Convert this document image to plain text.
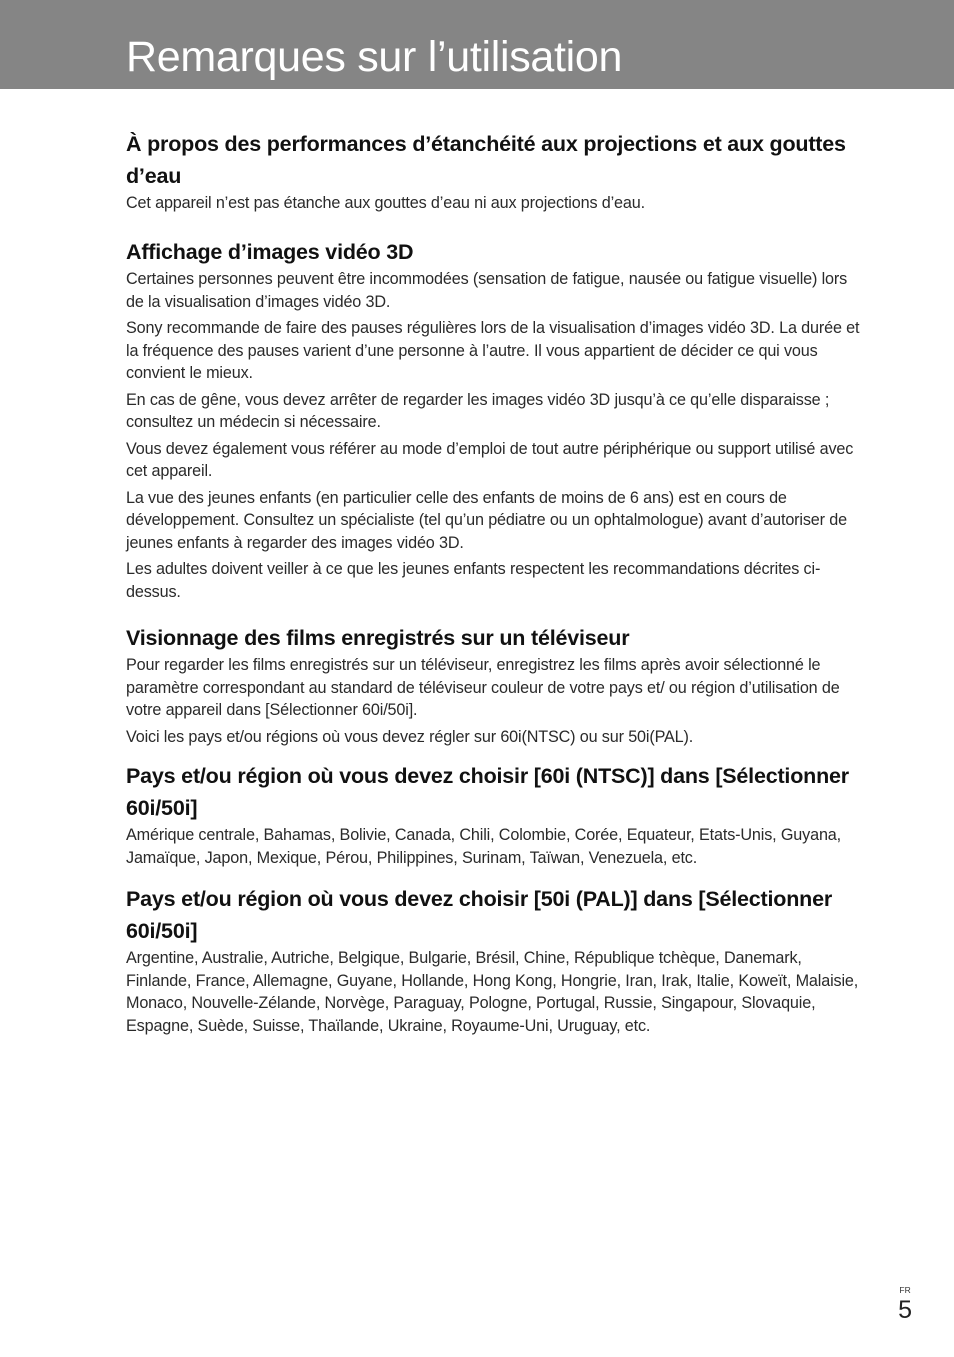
Remarques sur l’utilisation
À propos des performances d’étanchéité aux projections et aux gouttes d’eau

Cet appareil n’est pas étanche aux gouttes d’eau ni aux projections d’eau.

Affichage d’images vidéo 3D

Certaines personnes peuvent être incommodées (sensation de fatigue, nausée ou fatigue visuelle) lors de la visualisation d’images vidéo 3D.

Sony recommande de faire des pauses régulières lors de la visualisation d’images vidéo 3D. La durée et la fréquence des pauses varient d’une personne à l’autre. Il vous appartient de décider ce qui vous convient le mieux.

En cas de gêne, vous devez arrêter de regarder les images vidéo 3D jusqu’à ce qu’elle disparaisse ; consultez un médecin si nécessaire.

Vous devez également vous référer au mode d’emploi de tout autre périphérique ou support utilisé avec cet appareil.

La vue des jeunes enfants (en particulier celle des enfants de moins de 6 ans) est en cours de développement. Consultez un spécialiste (tel qu’un pédiatre ou un ophtalmologue) avant d’autoriser de jeunes enfants à regarder des images vidéo 3D.

Les adultes doivent veiller à ce que les jeunes enfants respectent les recommandations décrites ci-dessus.

Visionnage des films enregistrés sur un téléviseur

Pour regarder les films enregistrés sur un téléviseur, enregistrez les films après avoir sélectionné le paramètre correspondant au standard de téléviseur couleur de votre pays et/ ou région d’utilisation de votre appareil dans [Sélectionner 60i/50i].

Voici les pays et/ou régions où vous devez régler sur 60i(NTSC) ou sur 50i(PAL).

Pays et/ou région où vous devez choisir [60i (NTSC)] dans [Sélectionner 60i/50i]

Amérique centrale, Bahamas, Bolivie, Canada, Chili, Colombie, Corée, Equateur, Etats-Unis, Guyana, Jamaïque, Japon, Mexique, Pérou, Philippines, Surinam, Taïwan, Venezuela, etc.

Pays et/ou région où vous devez choisir [50i (PAL)] dans [Sélectionner 60i/50i]

Argentine, Australie, Autriche, Belgique, Bulgarie, Brésil, Chine, République tchèque, Danemark, Finlande, France, Allemagne, Guyane, Hollande, Hong Kong, Hongrie, Iran, Irak, Italie, Koweït, Malaisie, Monaco, Nouvelle-Zélande, Norvège, Paraguay, Pologne, Portugal, Russie, Singapour, Slovaquie, Espagne, Suède, Suisse, Thaïlande, Ukraine, Royaume-Uni, Uruguay, etc.

FR
5
